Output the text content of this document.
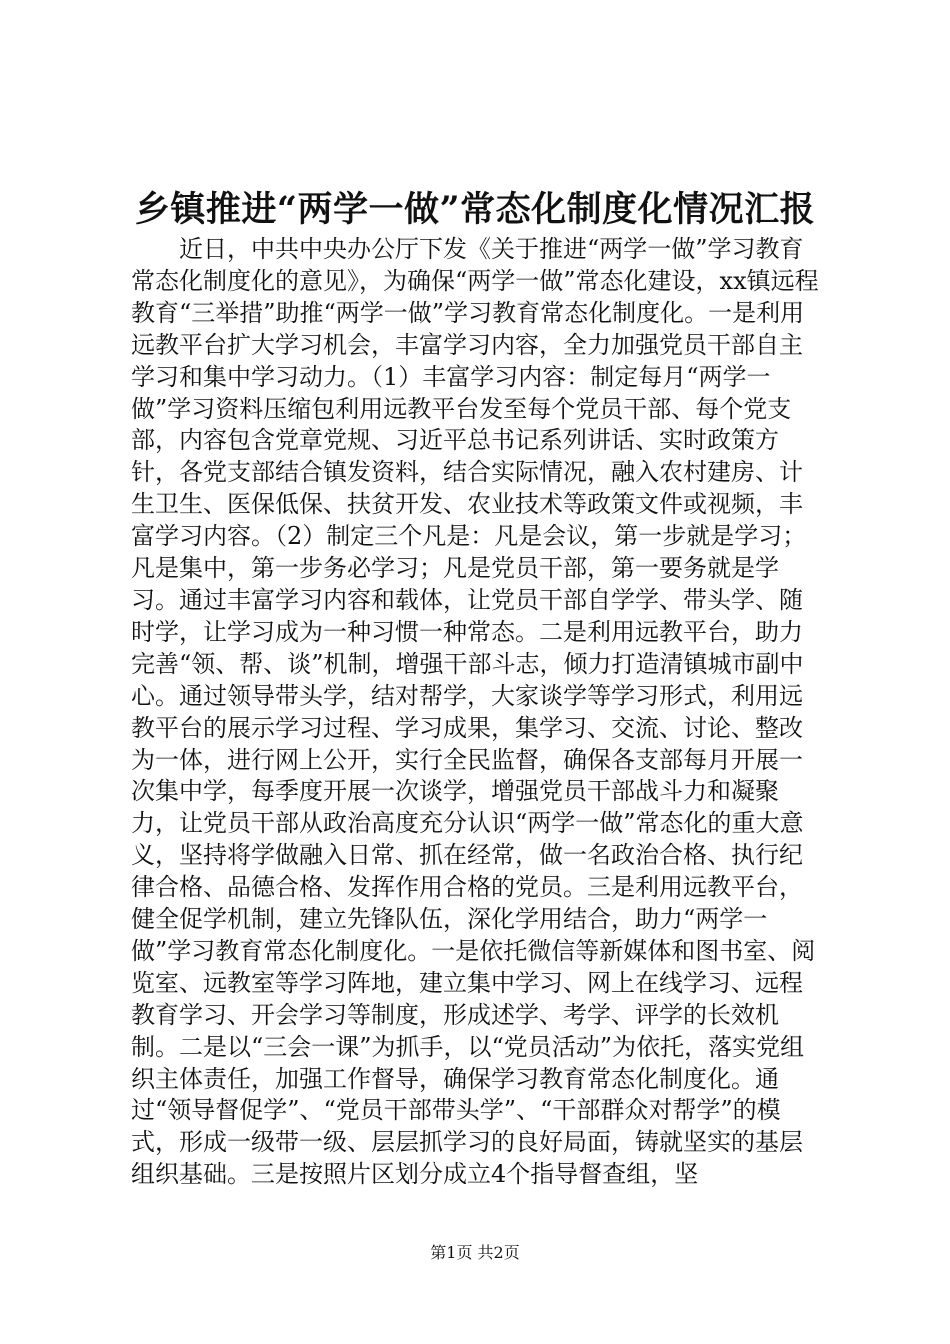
乡镇推进“两学一做”常态化制度化情况汇报

　　近日，中共中央办公厅下发《关于推进“两学一做”学习教育常态化制度化的意见》，为确保“两学一做”常态化建设，xx镇远程教育“三举措”助推“两学一做”学习教育常态化制度化。一是利用远教平台扩大学习机会，丰富学习内容，全力加强党员干部自主学习和集中学习动力。（1）丰富学习内容：制定每月“两学一做”学习资料压缩包利用远教平台发至每个党员干部、每个党支部，内容包含党章党规、习近平总书记系列讲话、实时政策方针，各党支部结合镇发资料，结合实际情况，融入农村建房、计生卫生、医保低保、扶贫开发、农业技术等政策文件或视频，丰富学习内容。（2）制定三个凡是：凡是会议，第一步就是学习；凡是集中，第一步务必学习；凡是党员干部，第一要务就是学习。通过丰富学习内容和载体，让党员干部自学学、带头学、随时学，让学习成为一种习惯一种常态。二是利用远教平台，助力完善“领、帮、谈”机制，增强干部斗志，倾力打造清镇城市副中心。通过领导带头学，结对帮学，大家谈学等学习形式，利用远教平台的展示学习过程、学习成果，集学习、交流、讨论、整改为一体，进行网上公开，实行全民监督，确保各支部每月开展一次集中学，每季度开展一次谈学，增强党员干部战斗力和凝聚力，让党员干部从政治高度充分认识“两学一做”常态化的重大意义，坚持将学做融入日常、抓在经常，做一名政治合格、执行纪律合格、品德合格、发挥作用合格的党员。三是利用远教平台，健全促学机制，建立先锋队伍，深化学用结合，助力“两学一做”学习教育常态化制度化。一是依托微信等新媒体和图书室、阅览室、远教室等学习阵地，建立集中学习、网上在线学习、远程教育学习、开会学习等制度，形成述学、考学、评学的长效机制。二是以“三会一课”为抓手，以“党员活动”为依托，落实党组织主体责任，加强工作督导，确保学习教育常态化制度化。通过“领导督促学”、“党员干部带头学”、“干部群众对帮学”的模式，形成一级带一级、层层抓学习的良好局面，铸就坚实的基层组织基础。三是按照片区划分成立4个指导督查组，坚

第1页 共2页
